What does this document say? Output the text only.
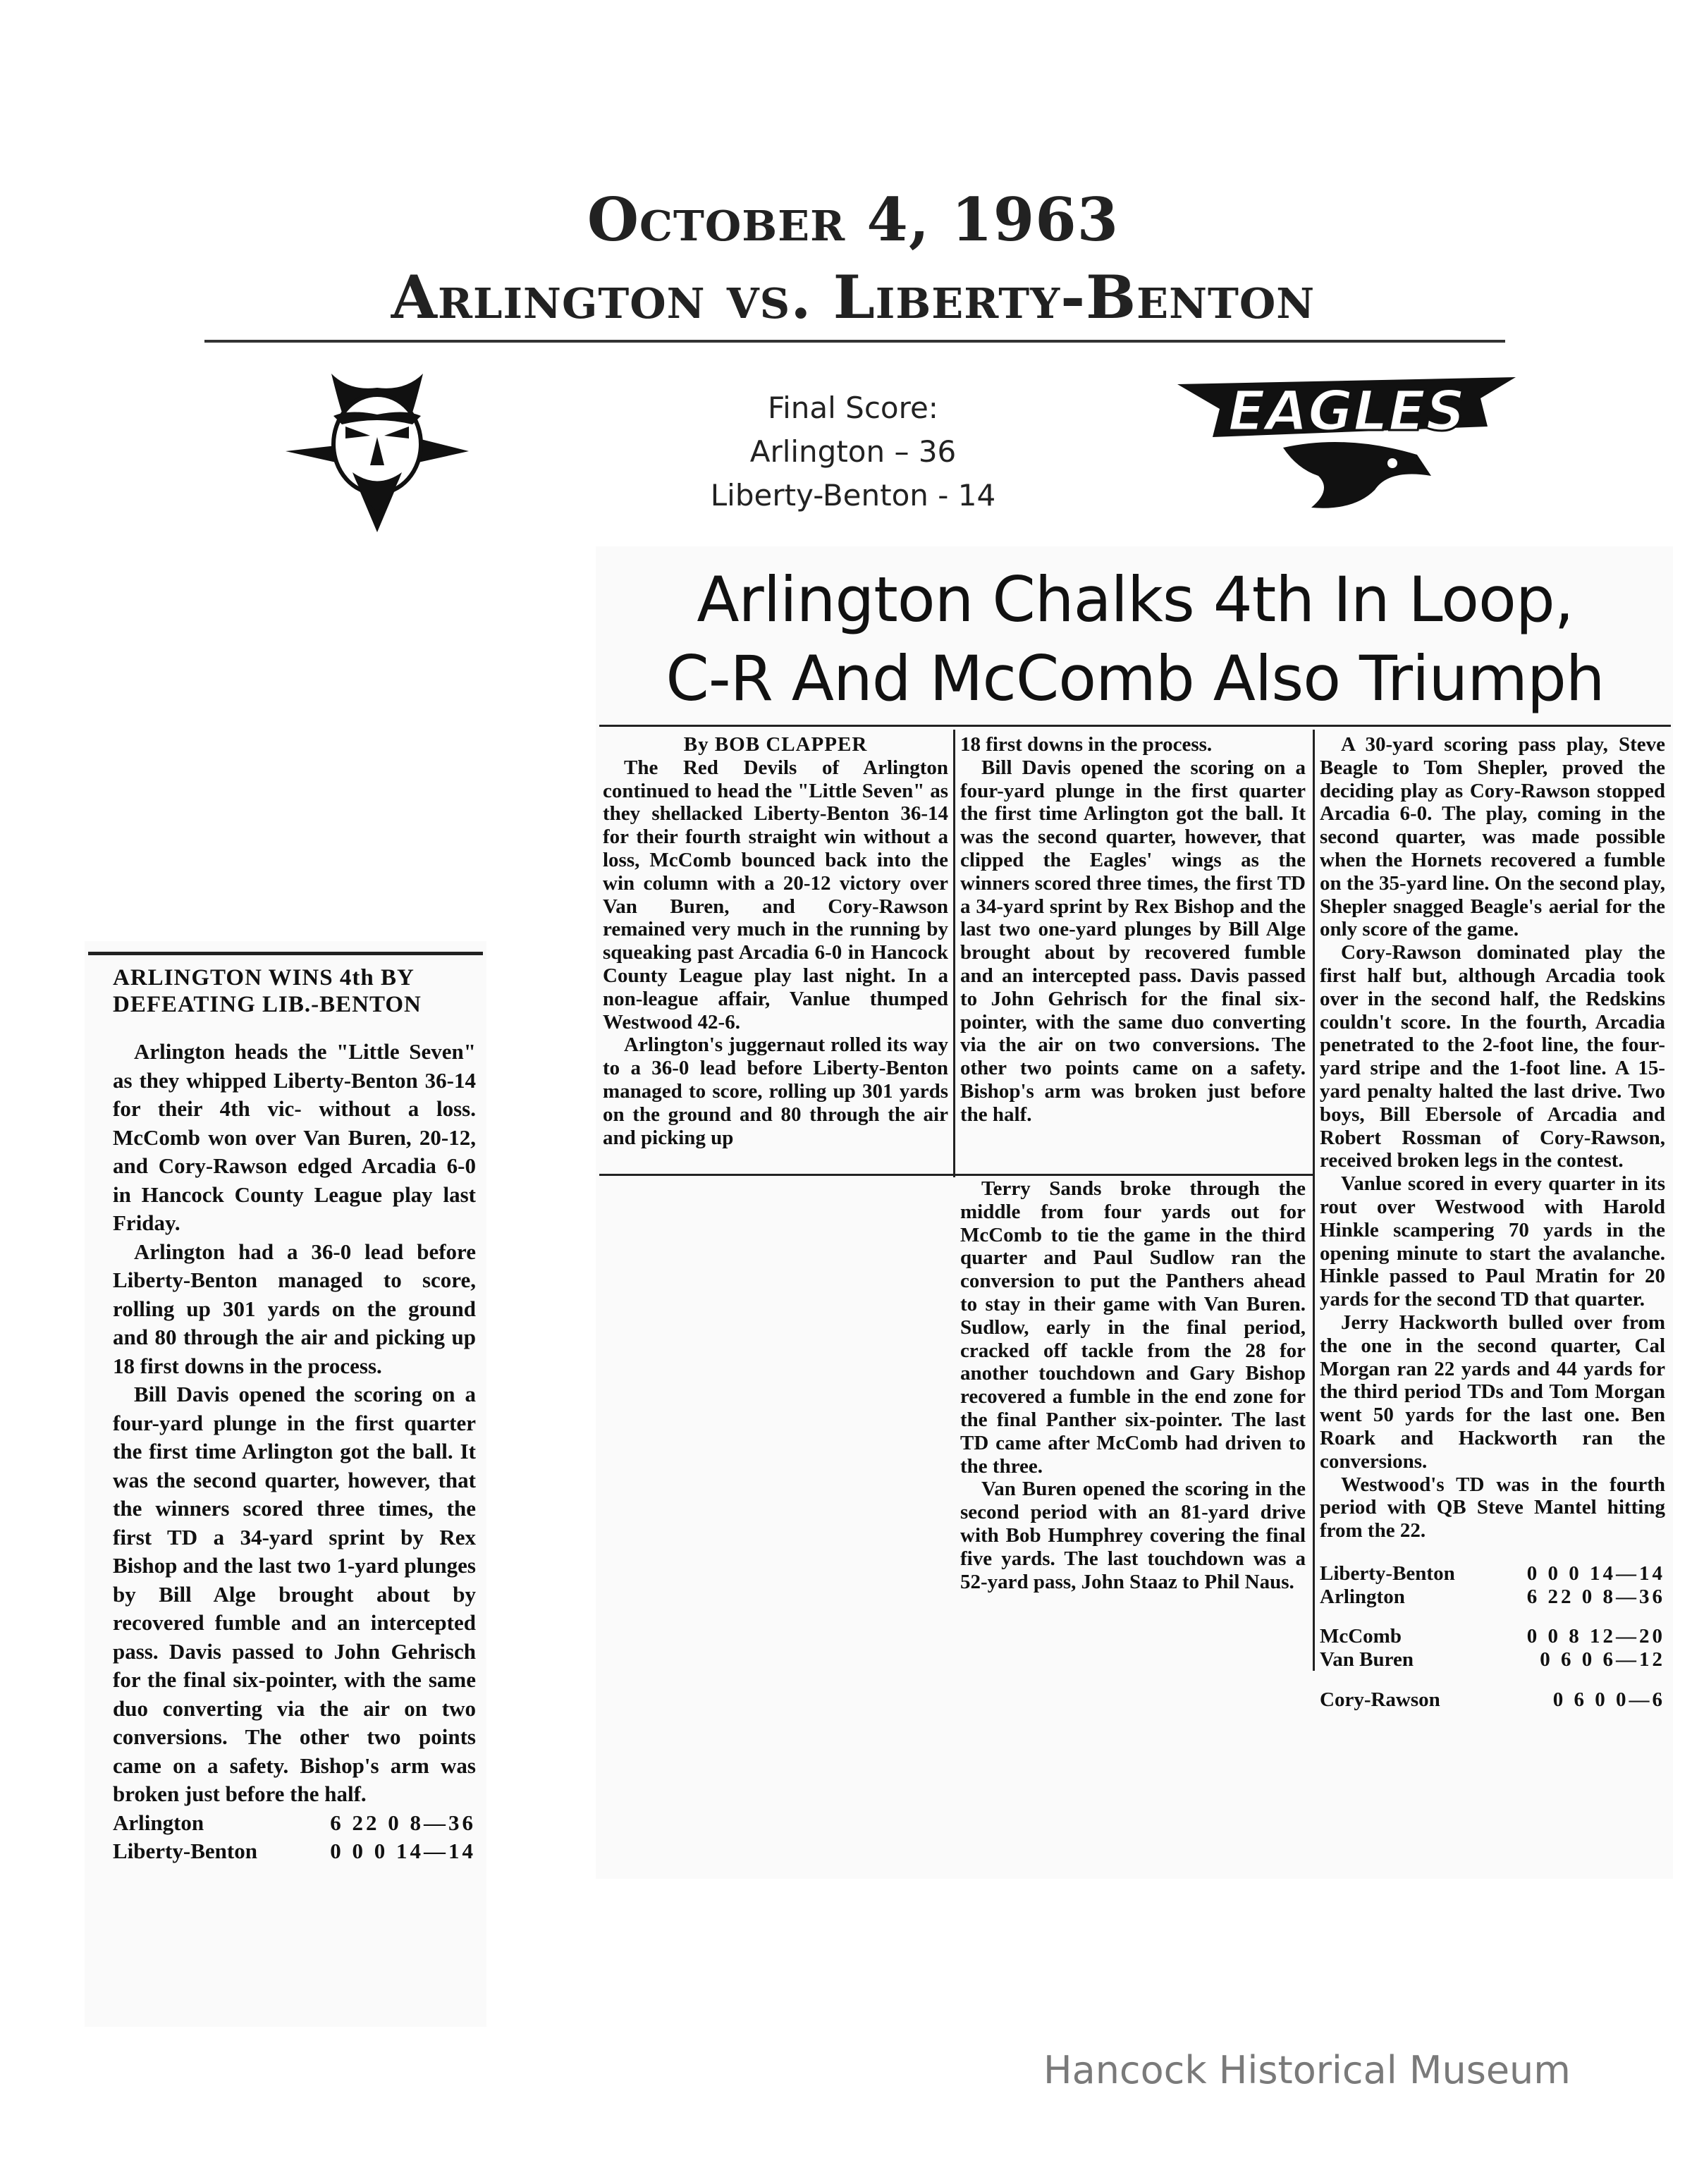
October 4, 1963
Arlington vs. Liberty-Benton
Final Score:
Arlington – 36
Liberty-Benton - 14
EAGLES
Arlington Chalks 4th In Loop,
C-R And McComb Also Triumph

By BOB CLAPPER

The Red Devils of Arlington continued to head the "Little Seven" as they shellacked Liberty-Benton 36-14 for their fourth straight win without a loss, McComb bounced back into the win column with a 20-12 victory over Van Buren, and Cory-Rawson remained very much in the running by squeaking past Arcadia 6-0 in Hancock County League play last night. In a non-league affair, Vanlue thumped Westwood 42-6.

Arlington's juggernaut rolled its way to a 36-0 lead before Liberty-Benton managed to score, rolling up 301 yards on the ground and 80 through the air and picking up

18 first downs in the process.

Bill Davis opened the scoring on a four-yard plunge in the first quarter the first time Arlington got the ball. It was the second quarter, however, that clipped the Eagles' wings as the winners scored three times, the first TD a 34-yard sprint by Rex Bishop and the last two one-yard plunges by Bill Alge brought about by recovered fumble and an intercepted pass. Davis passed to John Gehrisch for the final six-pointer, with the same duo converting via the air on two conversions. The other two points came on a safety. Bishop's arm was broken just before the half.

Terry Sands broke through the middle from four yards out for McComb to tie the game in the third quarter and Paul Sudlow ran the conversion to put the Panthers ahead to stay in their game with Van Buren. Sudlow, early in the final period, cracked off tackle from the 28 for another touchdown and Gary Bishop recovered a fumble in the end zone for the final Panther six-pointer. The last TD came after McComb had driven to the three.

Van Buren opened the scoring in the second period with an 81-yard drive with Bob Humphrey covering the final five yards. The last touchdown was a 52-yard pass, John Staaz to Phil Naus.

A 30-yard scoring pass play, Steve Beagle to Tom Shepler, proved the deciding play as Cory-Rawson stopped Arcadia 6-0. The play, coming in the second quarter, was made possible when the Hornets recovered a fumble on the 35-yard line. On the second play, Shepler snagged Beagle's aerial for the only score of the game.

Cory-Rawson dominated play the first half but, although Arcadia took over in the second half, the Redskins couldn't score. In the fourth, Arcadia penetrated to the 2-foot line, the four-yard stripe and the 1-foot line. A 15-yard penalty halted the last drive. Two boys, Bill Ebersole of Arcadia and Robert Rossman of Cory-Rawson, received broken legs in the contest.

Vanlue scored in every quarter in its rout over Westwood with Harold Hinkle scampering 70 yards in the opening minute to start the avalanche. Hinkle passed to Paul Mratin for 20 yards for the second TD that quarter.

Jerry Hackworth bulled over from the one in the second quarter, Cal Morgan ran 22 yards and 44 yards for the third period TDs and Tom Morgan went 50 yards for the last one. Ben Roark and Hackworth ran the conversions.

Westwood's TD was in the fourth period with QB Steve Mantel hitting from the 22.

Liberty-Benton	0 0 0 14—14
Arlington	6 22 0 8—36
McComb	0 0 8 12—20
Van Buren	0 6 0 6—12
Cory-Rawson	0 6 0 0—6
ARLINGTON WINS 4th BY DEFEATING LIB.-BENTON

Arlington heads the "Little Seven" as they whipped Liberty-Benton 36-14 for their 4th vic- without a loss. McComb won over Van Buren, 20-12, and Cory-Rawson edged Arcadia 6-0 in Hancock County League play last Friday.

Arlington had a 36-0 lead before Liberty-Benton managed to score, rolling up 301 yards on the ground and 80 through the air and picking up 18 first downs in the process.

Bill Davis opened the scoring on a four-yard plunge in the first quarter the first time Arlington got the ball. It was the second quarter, however, that the winners scored three times, the first TD a 34-yard sprint by Rex Bishop and the last two 1-yard plunges by Bill Alge brought about by recovered fumble and an intercepted pass. Davis passed to John Gehrisch for the final six-pointer, with the same duo converting via the air on two conversions. The other two points came on a safety. Bishop's arm was broken just before the half.

Arlington	6 22 0 8—36
Liberty-Benton	0 0 0 14—14
Hancock Historical Museum
